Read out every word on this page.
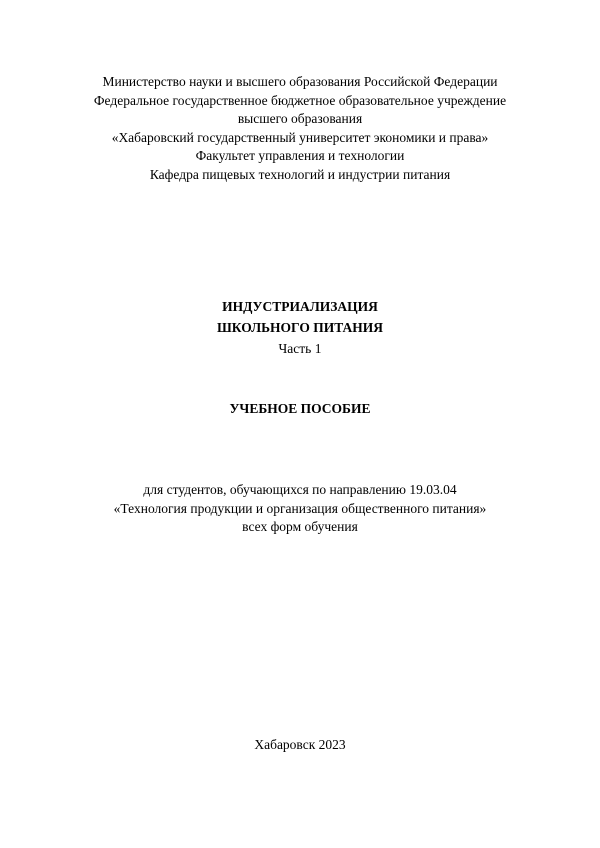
Министерство науки и высшего образования Российской Федерации
Федеральное государственное бюджетное образовательное учреждение
высшего образования
«Хабаровский государственный университет экономики и права»
Факультет управления и технологии
Кафедра пищевых технологий и индустрии питания
ИНДУСТРИАЛИЗАЦИЯ
ШКОЛЬНОГО ПИТАНИЯ
Часть 1
УЧЕБНОЕ ПОСОБИЕ
для студентов, обучающихся по направлению 19.03.04
«Технология продукции и организация общественного питания»
всех форм обучения
Хабаровск 2023
